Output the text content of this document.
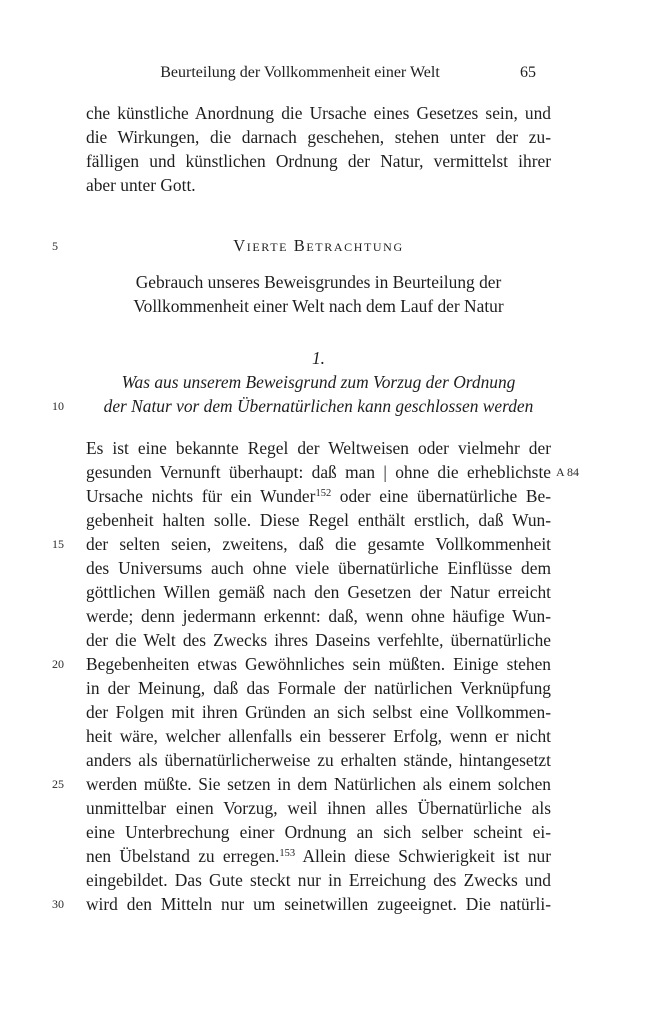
Beurteilung der Vollkommenheit einer Welt	65
che künstliche Anordnung die Ursache eines Gesetzes sein, und
die Wirkungen, die darnach geschehen, stehen unter der zu-
fälligen und künstlichen Ordnung der Natur, vermittelst ihrer
aber unter Gott.
5	Vierte Betrachtung
Gebrauch unseres Beweisgrundes in Beurteilung der
Vollkommenheit einer Welt nach dem Lauf der Natur
1.
Was aus unserem Beweisgrund zum Vorzug der Ordnung
10	der Natur vor dem Übernatürlichen kann geschlossen werden
Es ist eine bekannte Regel der Weltweisen oder vielmehr der
gesunden Vernunft überhaupt: daß man | ohne die erheblichste A 84
Ursache nichts für ein Wunder$^{152}$ oder eine übernatürliche Be-
gebenheit halten solle. Diese Regel enthält erstlich, daß Wun-
15	der selten seien, zweitens, daß die gesamte Vollkommenheit
des Universums auch ohne viele übernatürliche Einflüsse dem
göttlichen Willen gemäß nach den Gesetzen der Natur erreicht
werde; denn jedermann erkennt: daß, wenn ohne häufige Wun-
der die Welt des Zwecks ihres Daseins verfehlte, übernatürliche
20	Begebenheiten etwas Gewöhnliches sein müßten. Einige stehen
in der Meinung, daß das Formale der natürlichen Verknüpfung
der Folgen mit ihren Gründen an sich selbst eine Vollkommen-
heit wäre, welcher allenfalls ein besserer Erfolg, wenn er nicht
anders als übernatürlicherweise zu erhalten stände, hintangesetzt
25	werden müßte. Sie setzen in dem Natürlichen als einem solchen
unmittelbar einen Vorzug, weil ihnen alles Übernatürliche als
eine Unterbrechung einer Ordnung an sich selber scheint ei-
nen Übelstand zu erregen.$^{153}$ Allein diese Schwierigkeit ist nur
eingebildet. Das Gute steckt nur in Erreichung des Zwecks und
30	wird den Mitteln nur um seinetwillen zugeeignet. Die natürli-
